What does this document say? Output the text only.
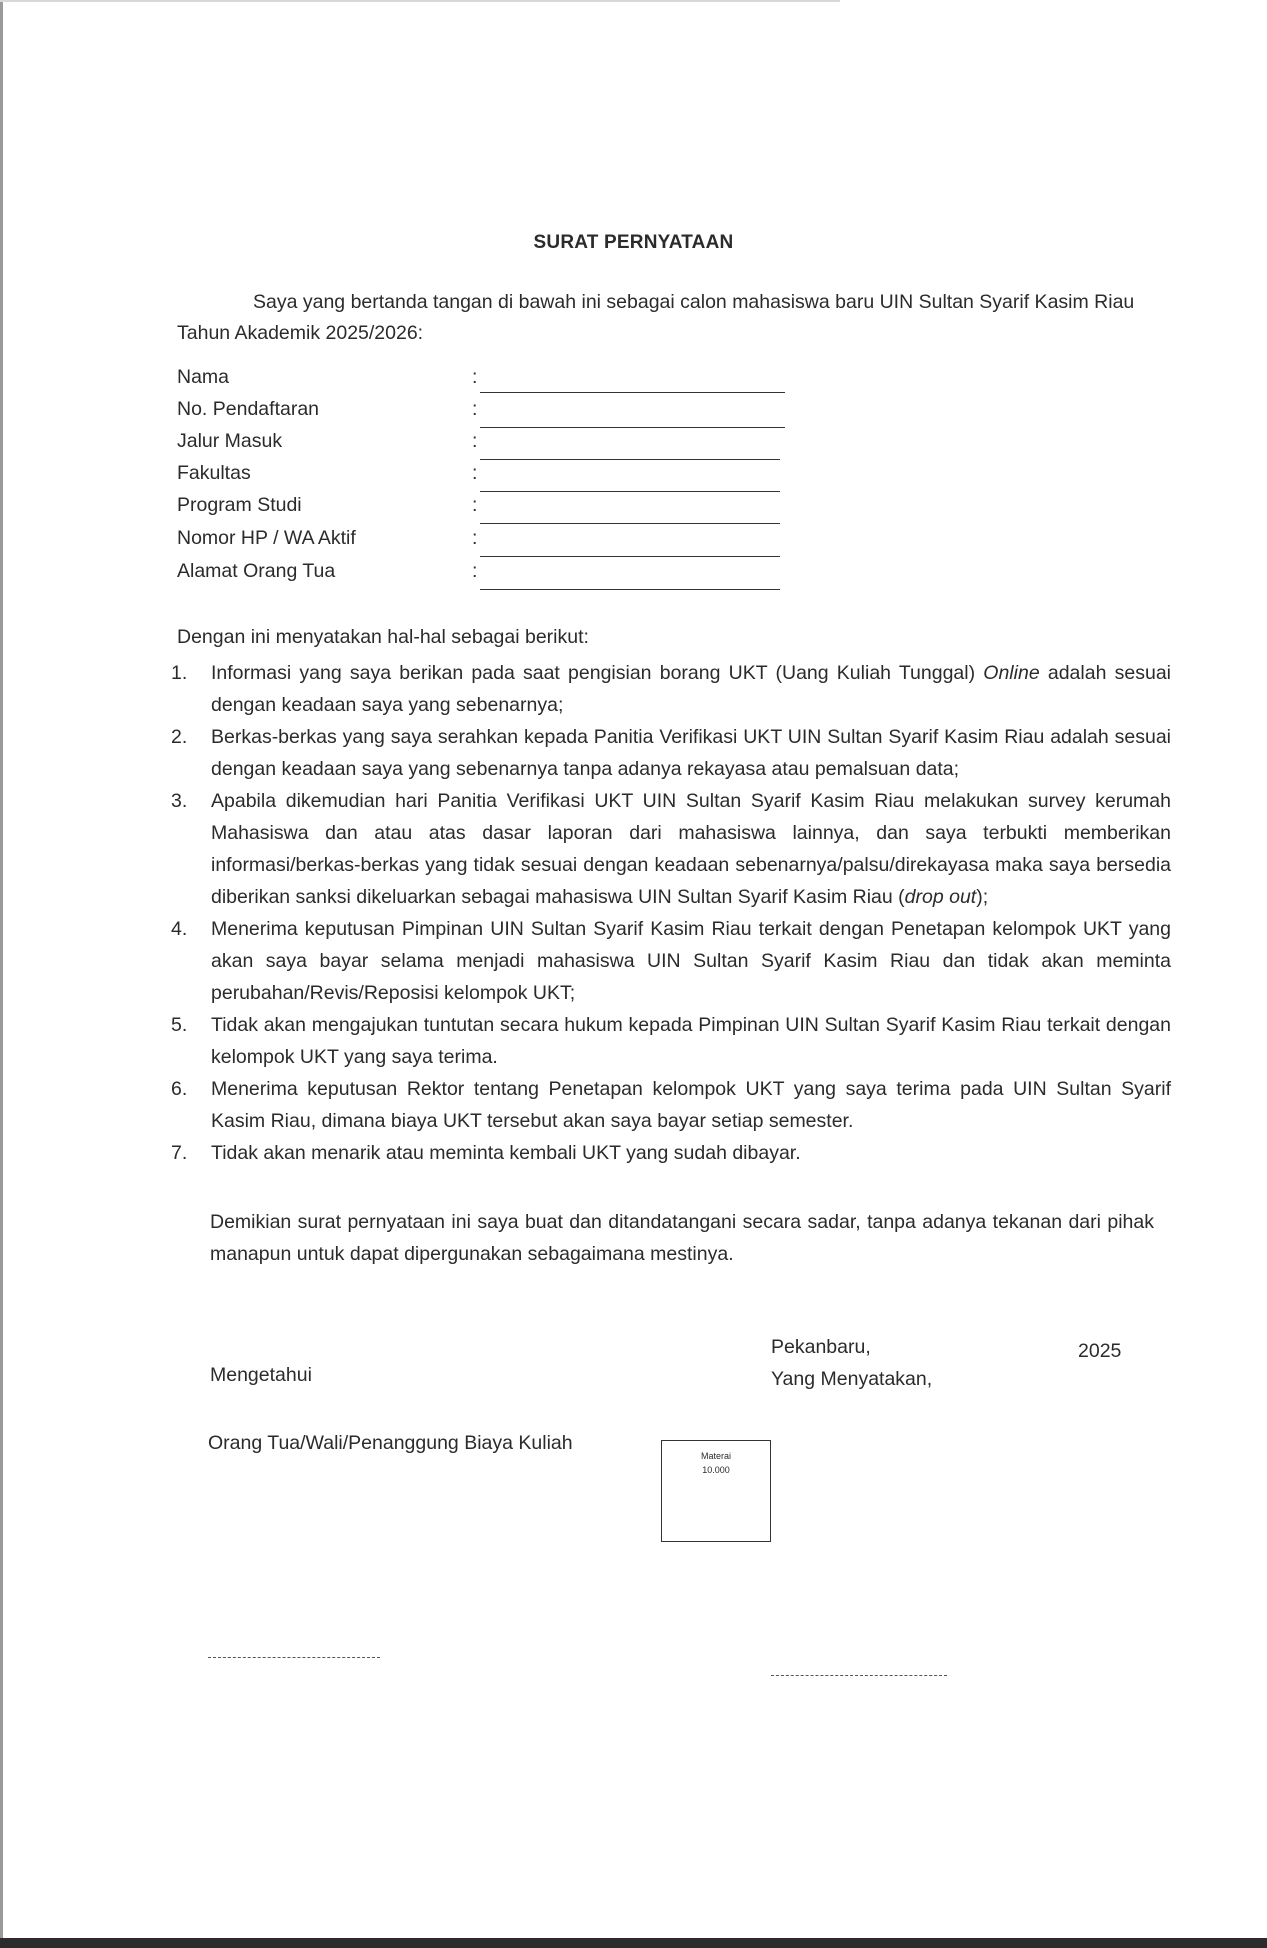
SURAT PERNYATAAN
Saya yang bertanda tangan di bawah ini sebagai calon mahasiswa baru UIN Sultan Syarif Kasim Riau Tahun Akademik 2025/2026:
Nama	:
No. Pendaftaran	:
Jalur Masuk	:
Fakultas	:
Program Studi	:
Nomor HP / WA Aktif	:
Alamat Orang Tua	:
Dengan ini menyatakan hal-hal sebagai berikut:
1. Informasi yang saya berikan pada saat pengisian borang UKT (Uang Kuliah Tunggal) Online adalah sesuai dengan keadaan saya yang sebenarnya;
2. Berkas-berkas yang saya serahkan kepada Panitia Verifikasi UKT UIN Sultan Syarif Kasim Riau adalah sesuai dengan keadaan saya yang sebenarnya tanpa adanya rekayasa atau pemalsuan data;
3. Apabila dikemudian hari Panitia Verifikasi UKT UIN Sultan Syarif Kasim Riau melakukan survey kerumah Mahasiswa dan atau atas dasar laporan dari mahasiswa lainnya, dan saya terbukti memberikan informasi/berkas-berkas yang tidak sesuai dengan keadaan sebenarnya/palsu/direkayasa maka saya bersedia diberikan sanksi dikeluarkan sebagai mahasiswa UIN Sultan Syarif Kasim Riau (drop out);
4. Menerima keputusan Pimpinan UIN Sultan Syarif Kasim Riau terkait dengan Penetapan kelompok UKT yang akan saya bayar selama menjadi mahasiswa UIN Sultan Syarif Kasim Riau dan tidak akan meminta perubahan/Revis/Reposisi kelompok UKT;
5. Tidak akan mengajukan tuntutan secara hukum kepada Pimpinan UIN Sultan Syarif Kasim Riau terkait dengan kelompok UKT yang saya terima.
6. Menerima keputusan Rektor tentang Penetapan kelompok UKT yang saya terima pada UIN Sultan Syarif Kasim Riau, dimana biaya UKT tersebut akan saya bayar setiap semester.
7. Tidak akan menarik atau meminta kembali UKT yang sudah dibayar.
Demikian surat pernyataan ini saya buat dan ditandatangani secara sadar, tanpa adanya tekanan dari pihak manapun untuk dapat dipergunakan sebagaimana mestinya.
Pekanbaru,	2025
Mengetahui	Yang Menyatakan,
Orang Tua/Wali/Penanggung Biaya Kuliah
Materai
10.000
